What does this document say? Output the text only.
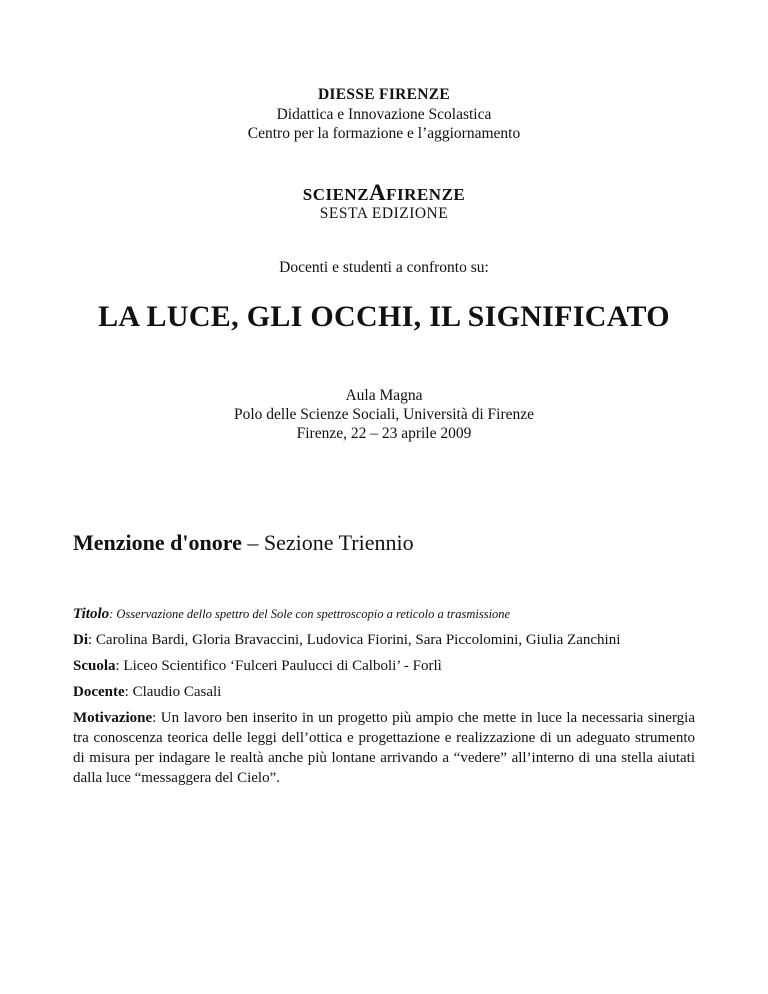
DIESSE FIRENZE
Didattica e Innovazione Scolastica
Centro per la formazione e l’aggiornamento
SCIENZAFIRENZE
SESTA EDIZIONE
Docenti e studenti a confronto su:
LA LUCE, GLI OCCHI, IL SIGNIFICATO
Aula Magna
Polo delle Scienze Sociali, Università di Firenze
Firenze, 22 – 23 aprile 2009
Menzione d'onore – Sezione Triennio
Titolo: Osservazione dello spettro del Sole con spettroscopio a reticolo a trasmissione
Di: Carolina Bardi, Gloria Bravaccini, Ludovica Fiorini, Sara Piccolomini, Giulia Zanchini
Scuola: Liceo Scientifico ‘Fulceri Paulucci di Calboli’ - Forlì
Docente: Claudio Casali
Motivazione: Un lavoro ben inserito in un progetto più ampio che mette in luce la necessaria sinergia tra conoscenza teorica delle leggi dell’ottica e progettazione e realizzazione di un adeguato strumento di misura per indagare le realtà anche più lontane arrivando a “vedere” all’interno di una stella aiutati dalla luce “messaggera del Cielo”.
